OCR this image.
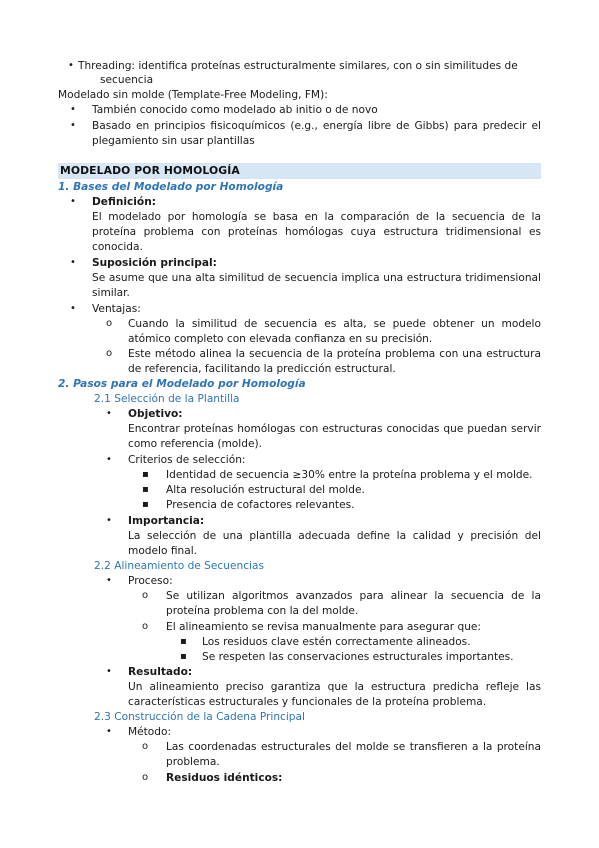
• Threading: identifica proteínas estructuralmente similares, con o sin similitudes de
secuencia
Modelado sin molde (Template-Free Modeling, FM):
• También conocido como modelado ab initio o de novo
• Basado en principios fisicoquímicos (e.g., energía libre de Gibbs) para predecir el plegamiento sin usar plantillas
MODELADO POR HOMOLOGÍA
1. Bases del Modelado por Homología
• Definición:
El modelado por homología se basa en la comparación de la secuencia de la proteína problema con proteínas homólogas cuya estructura tridimensional es conocida.
• Suposición principal:
Se asume que una alta similitud de secuencia implica una estructura tridimensional similar.
• Ventajas:
o Cuando la similitud de secuencia es alta, se puede obtener un modelo atómico completo con elevada confianza en su precisión.
o Este método alinea la secuencia de la proteína problema con una estructura de referencia, facilitando la predicción estructural.
2. Pasos para el Modelado por Homología
2.1 Selección de la Plantilla
• Objetivo:
Encontrar proteínas homólogas con estructuras conocidas que puedan servir como referencia (molde).
• Criterios de selección:
▪ Identidad de secuencia ≥30% entre la proteína problema y el molde.
▪ Alta resolución estructural del molde.
▪ Presencia de cofactores relevantes.
• Importancia:
La selección de una plantilla adecuada define la calidad y precisión del modelo final.
2.2 Alineamiento de Secuencias
• Proceso:
o Se utilizan algoritmos avanzados para alinear la secuencia de la proteína problema con la del molde.
o El alineamiento se revisa manualmente para asegurar que:
▪ Los residuos clave estén correctamente alineados.
▪ Se respeten las conservaciones estructurales importantes.
• Resultado:
Un alineamiento preciso garantiza que la estructura predicha refleje las características estructurales y funcionales de la proteína problema.
2.3 Construcción de la Cadena Principal
• Método:
o Las coordenadas estructurales del molde se transfieren a la proteína problema.
o Residuos idénticos:
